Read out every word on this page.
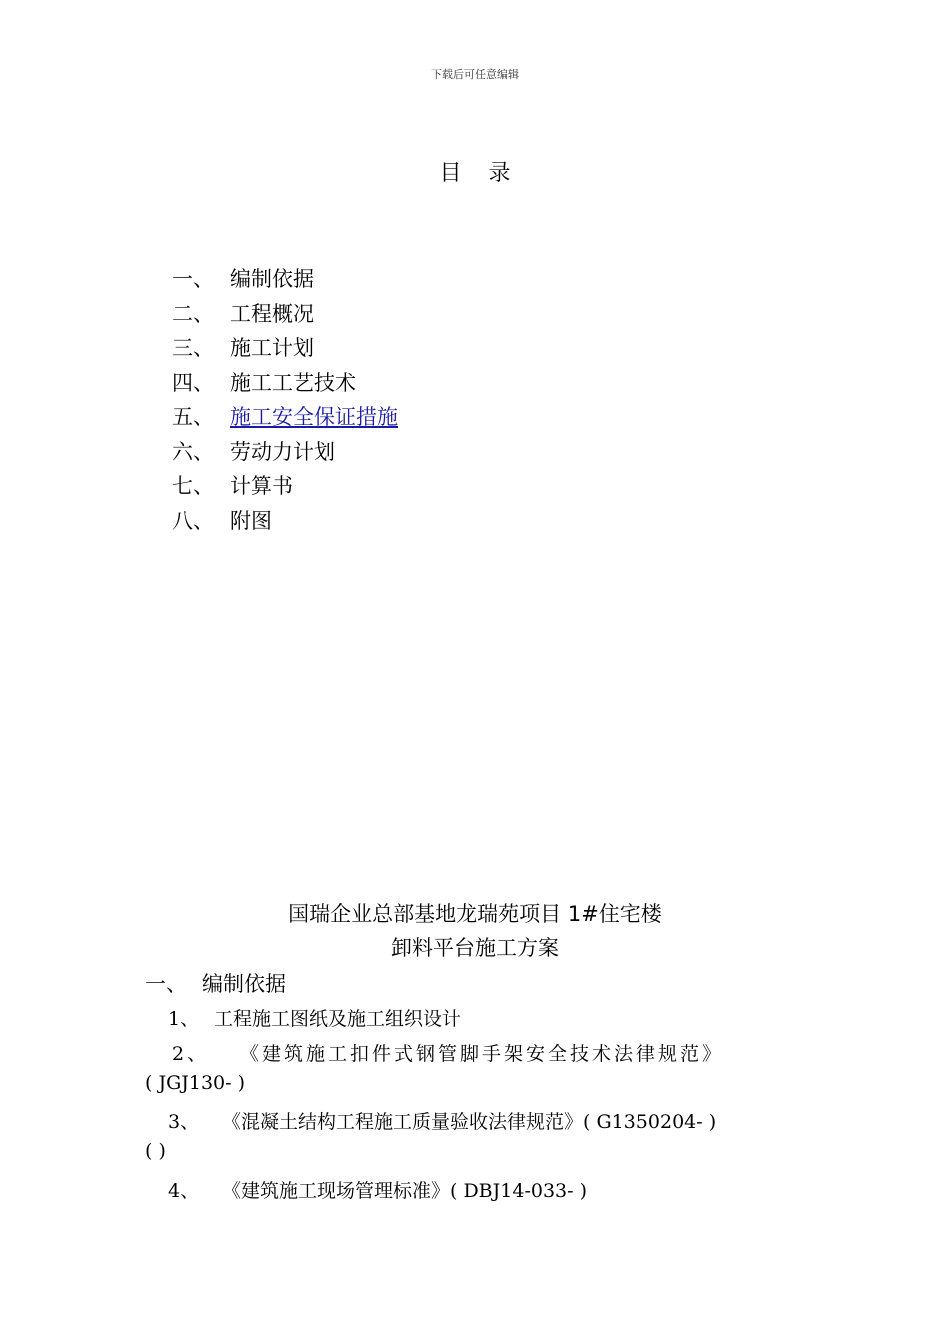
下载后可任意编辑
目 录
一、 编制依据
二、 工程概况
三、 施工计划
四、 施工工艺技术
五、 施工安全保证措施
六、 劳动力计划
七、 计算书
八、 附图
国瑞企业总部基地龙瑞苑项目 1#住宅楼
卸料平台施工方案
一、 编制依据
1、 工程施工图纸及施工组织设计
2、 《建筑施工扣件式钢管脚手架安全技术法律规范》
( JGJ130- )
3、 《混凝土结构工程施工质量验收法律规范》( G1350204- )
( )
4、 《建筑施工现场管理标准》( DBJ14-033- )
